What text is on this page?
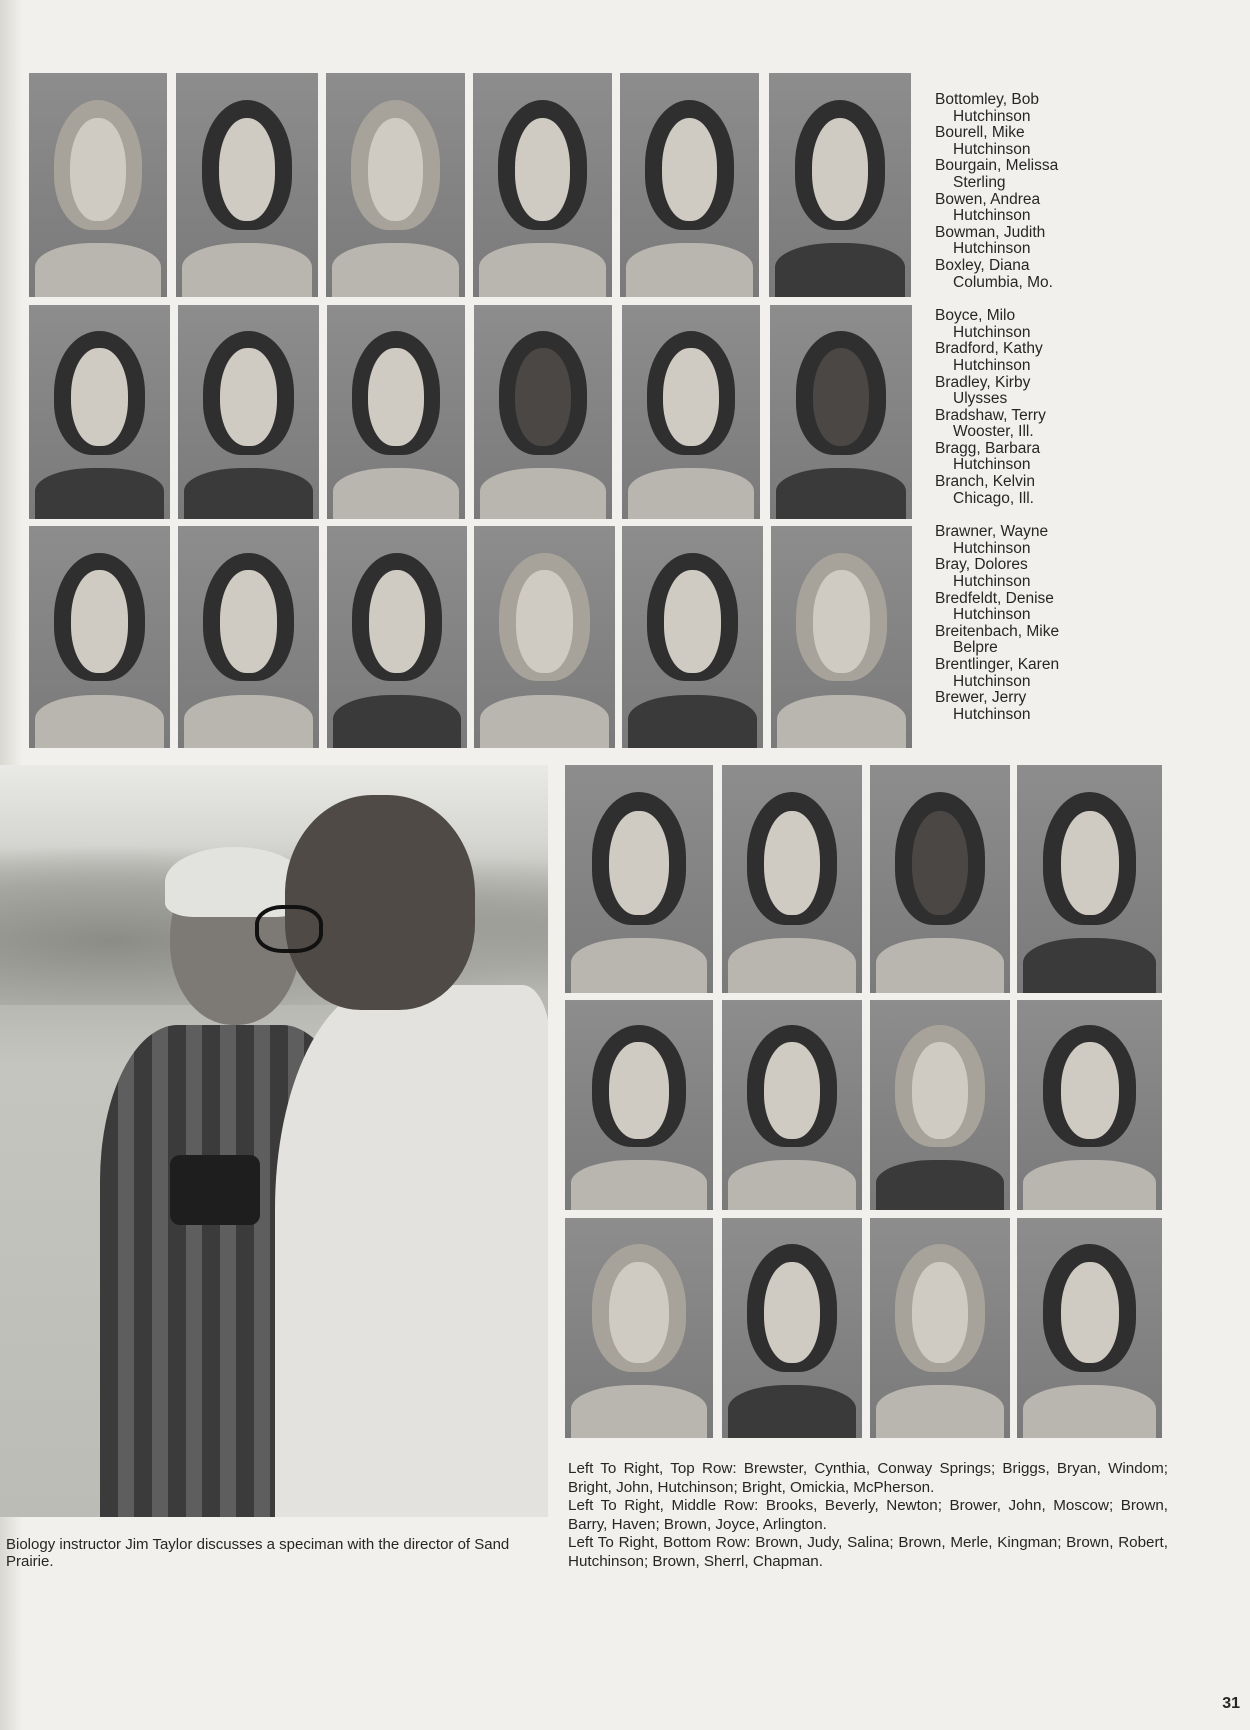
Bottomley, Bob
Hutchinson
Bourell, Mike
Hutchinson
Bourgain, Melissa
Sterling
Bowen, Andrea
Hutchinson
Bowman, Judith
Hutchinson
Boxley, Diana
Columbia, Mo.
Boyce, Milo
Hutchinson
Bradford, Kathy
Hutchinson
Bradley, Kirby
Ulysses
Bradshaw, Terry
Wooster, Ill.
Bragg, Barbara
Hutchinson
Branch, Kelvin
Chicago, Ill.
Brawner, Wayne
Hutchinson
Bray, Dolores
Hutchinson
Bredfeldt, Denise
Hutchinson
Breitenbach, Mike
Belpre
Brentlinger, Karen
Hutchinson
Brewer, Jerry
Hutchinson
Biology instructor Jim Taylor discusses a speciman with the director of Sand Prairie.

Left To Right, Top Row: Brewster, Cynthia, Conway Springs; Briggs, Bryan, Windom; Bright, John, Hutchinson; Bright, Omickia, McPherson.

Left To Right, Middle Row: Brooks, Beverly, Newton; Brower, John, Moscow; Brown, Barry, Haven; Brown, Joyce, Arlington.

Left To Right, Bottom Row: Brown, Judy, Salina; Brown, Merle, Kingman; Brown, Robert, Hutchinson; Brown, Sherrl, Chapman.

31
